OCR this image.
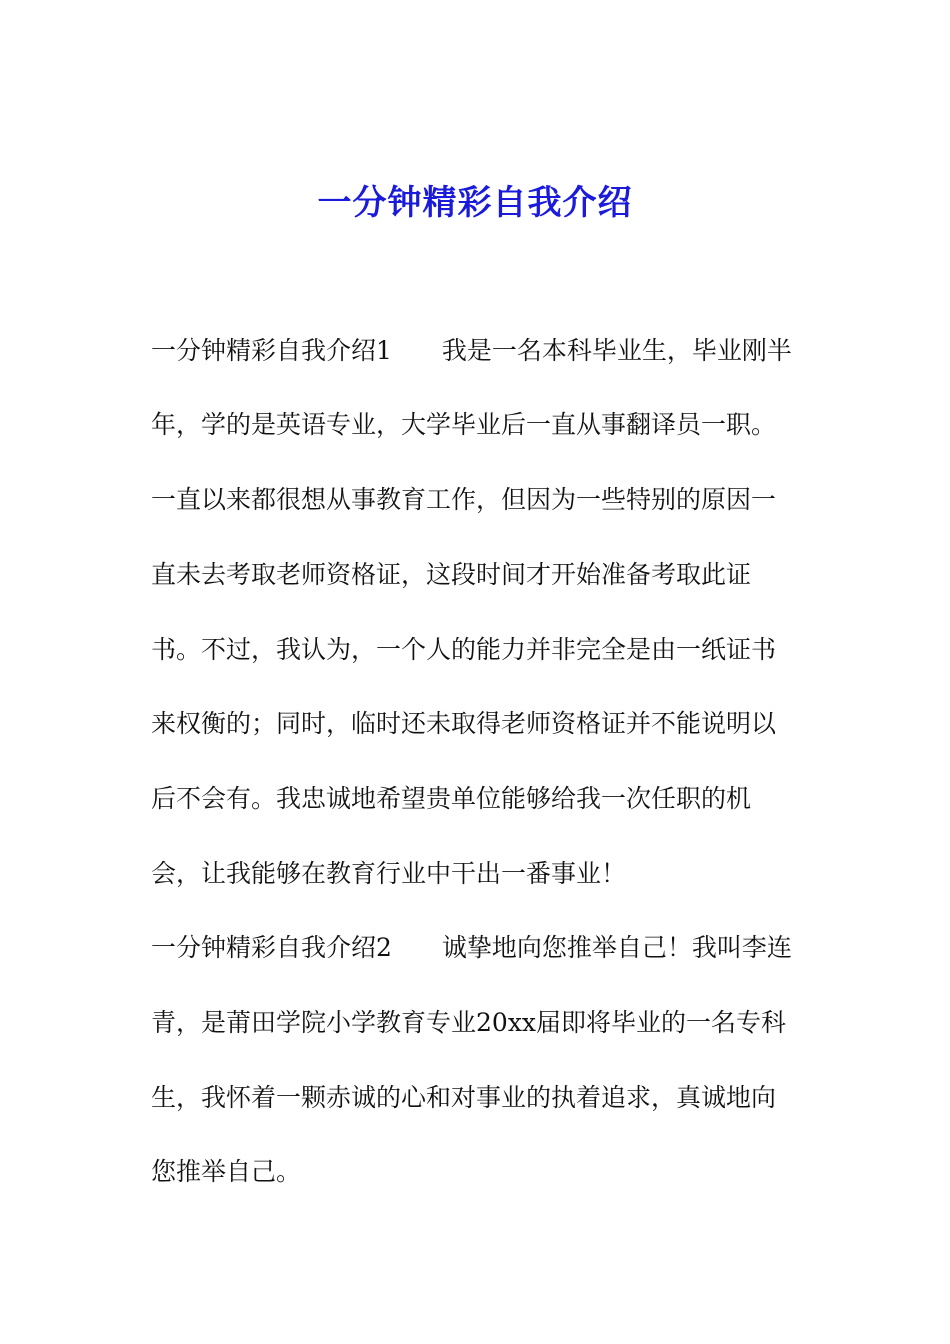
一分钟精彩自我介绍

一分钟精彩自我介绍1 我是一名本科毕业生，毕业刚半

年，学的是英语专业，大学毕业后一直从事翻译员一职。

一直以来都很想从事教育工作，但因为一些特别的原因一

直未去考取老师资格证，这段时间才开始准备考取此证

书。不过，我认为，一个人的能力并非完全是由一纸证书

来权衡的；同时，临时还未取得老师资格证并不能说明以

后不会有。我忠诚地希望贵单位能够给我一次任职的机

会，让我能够在教育行业中干出一番事业！

一分钟精彩自我介绍2 诚挚地向您推举自己！我叫李连

青，是莆田学院小学教育专业20xx届即将毕业的一名专科

生，我怀着一颗赤诚的心和对事业的执着追求，真诚地向

您推举自己。
